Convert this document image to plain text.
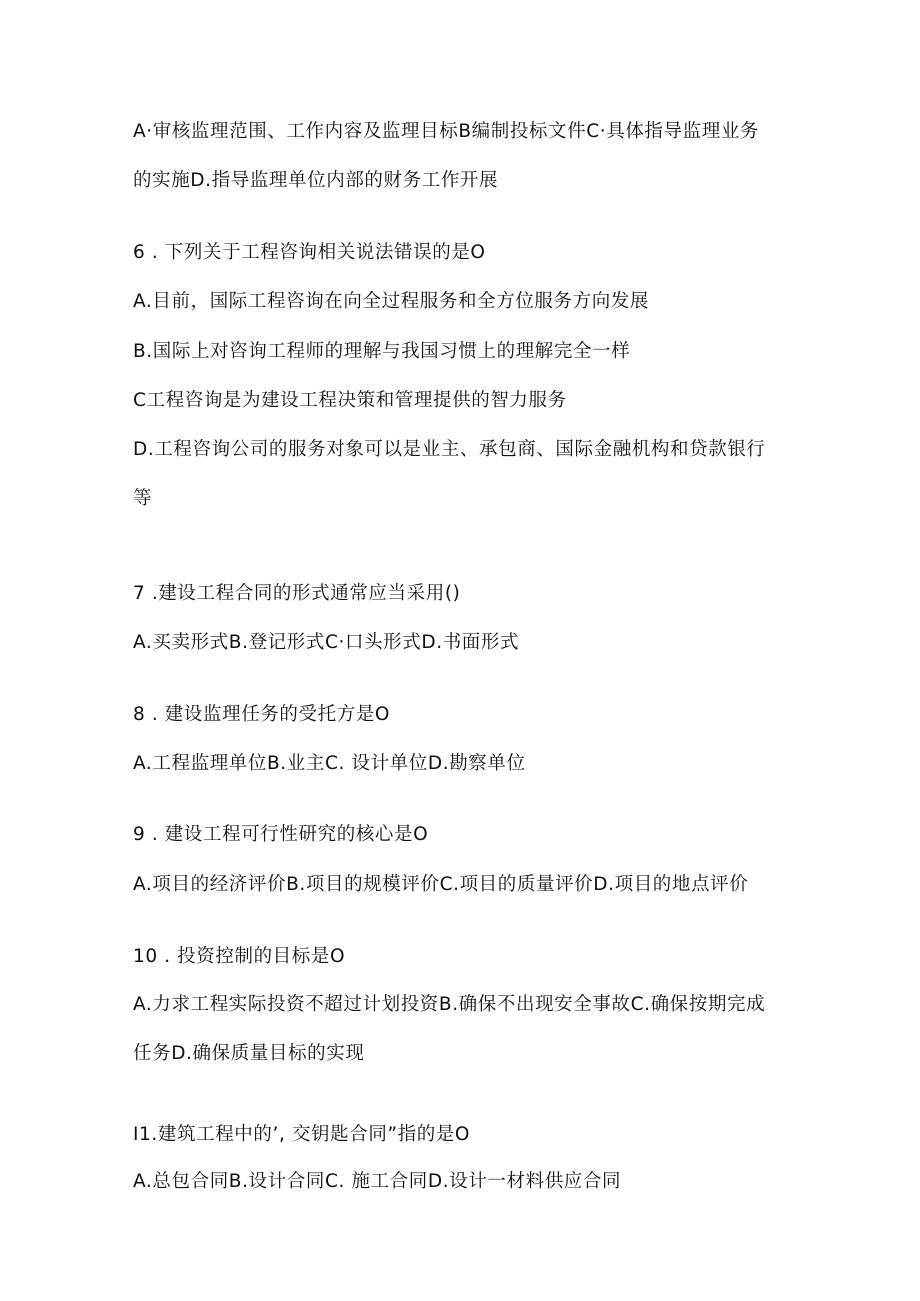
A·审核监理范围、工作内容及监理目标B编制投标文件C·具体指导监理业务
的实施D.指导监理单位内部的财务工作开展
6 . 下列关于工程咨询相关说法错误的是O
A.目前，国际工程咨询在向全过程服务和全方位服务方向发展
B.国际上对咨询工程师的理解与我国习惯上的理解完全一样
C工程咨询是为建设工程决策和管理提供的智力服务
D.工程咨询公司的服务对象可以是业主、承包商、国际金融机构和贷款银行
等
7 .建设工程合同的形式通常应当采用()
A.买卖形式B.登记形式C·口头形式D.书面形式
8 . 建设监理任务的受托方是O
A.工程监理单位B.业主C. 设计单位D.勘察单位
9 . 建设工程可行性研究的核心是O
A.项目的经济评价B.项目的规模评价C.项目的质量评价D.项目的地点评价
10 . 投资控制的目标是O
A.力求工程实际投资不超过计划投资B.确保不出现安全事故C.确保按期完成
任务D.确保质量目标的实现
I1.建筑工程中的’, 交钥匙合同”指的是O
A.总包合同B.设计合同C. 施工合同D.设计一材料供应合同
